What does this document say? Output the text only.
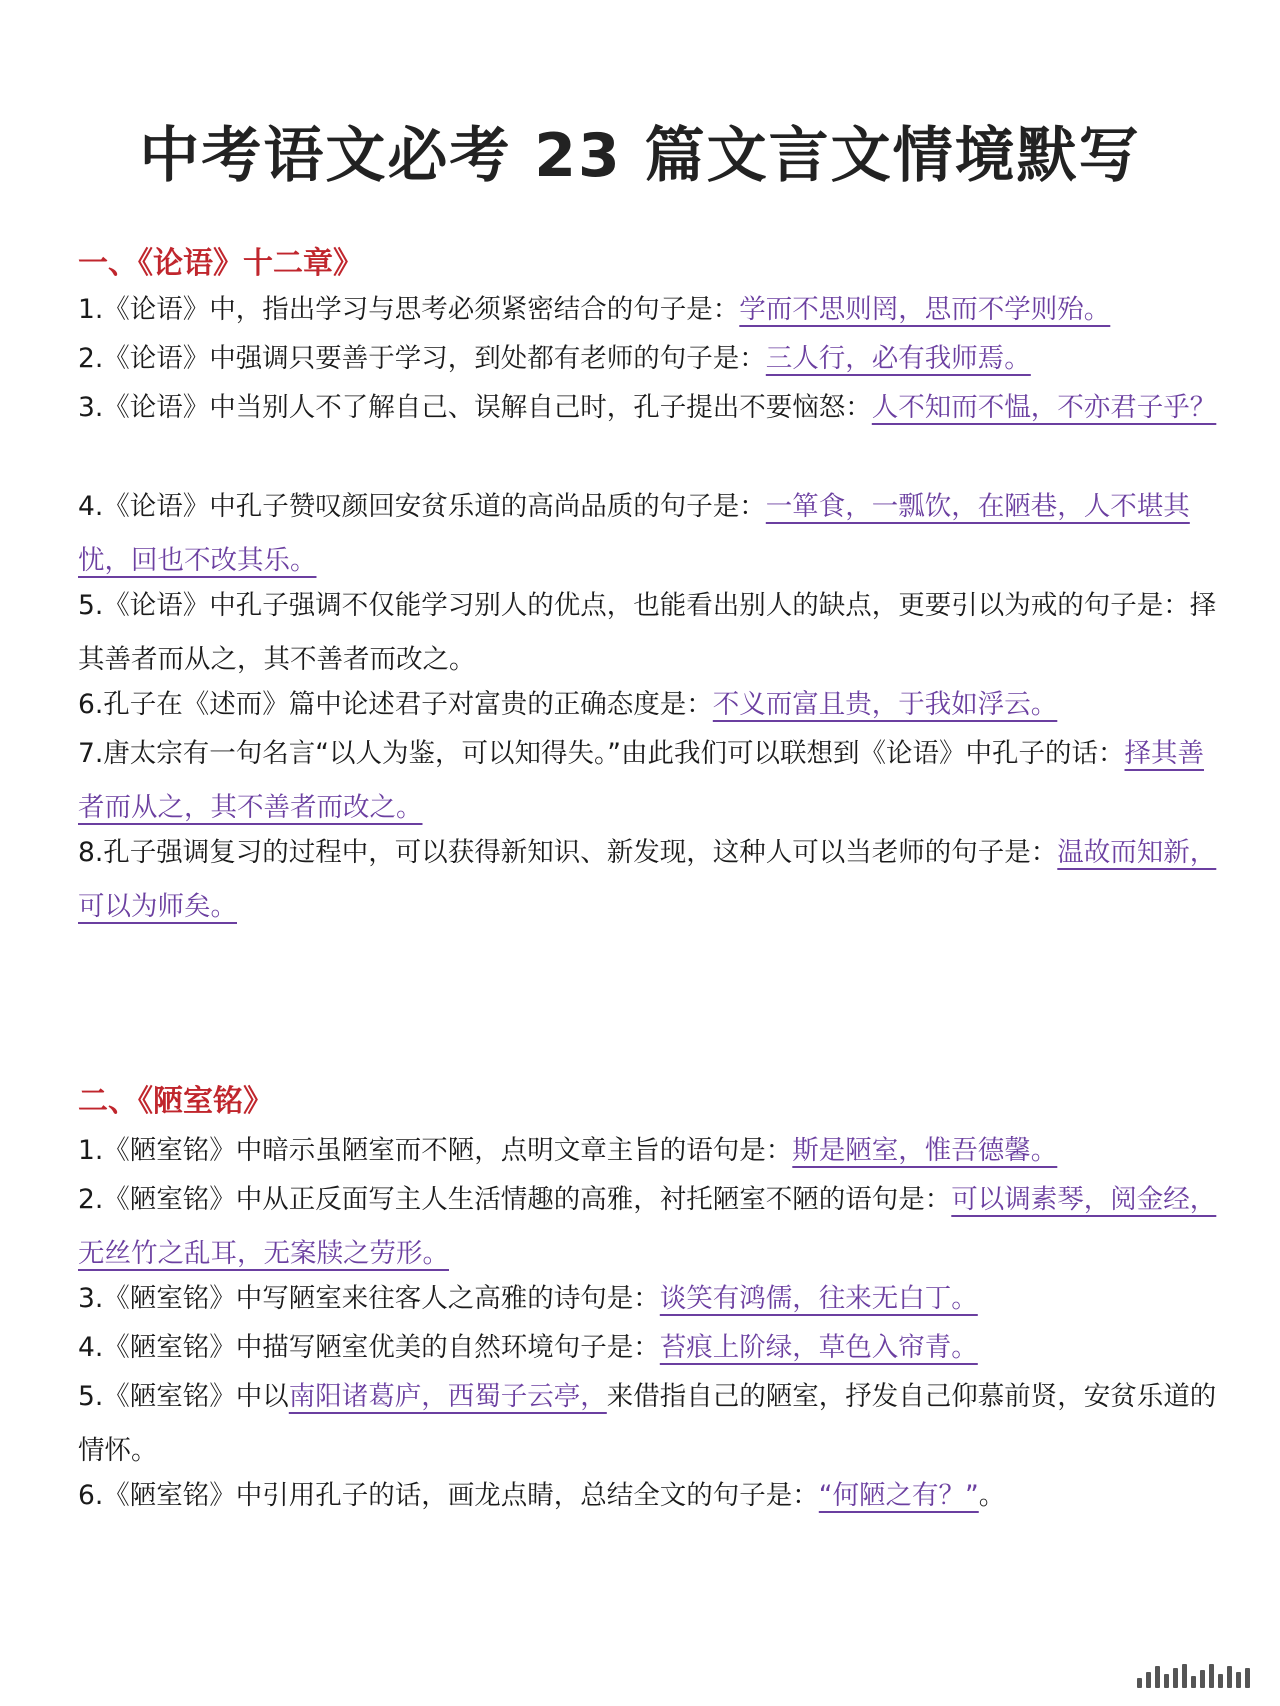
中考语文必考 23 篇文言文情境默写
一、《论语》十二章》
1.《论语》中，指出学习与思考必须紧密结合的句子是：学而不思则罔，思而不学则殆。
2.《论语》中强调只要善于学习，到处都有老师的句子是：三人行，必有我师焉。
3.《论语》中当别人不了解自己、误解自己时，孔子提出不要恼怒：人不知而不愠，不亦君子乎？
4.《论语》中孔子赞叹颜回安贫乐道的高尚品质的句子是：一箪食，一瓢饮，在陋巷，人不堪其忧，回也不改其乐。
5.《论语》中孔子强调不仅能学习别人的优点，也能看出别人的缺点，更要引以为戒的句子是：择其善者而从之，其不善者而改之。
6.孔子在《述而》篇中论述君子对富贵的正确态度是：不义而富且贵，于我如浮云。
7.唐太宗有一句名言“以人为鉴，可以知得失。”由此我们可以联想到《论语》中孔子的话：择其善者而从之，其不善者而改之。
8.孔子强调复习的过程中，可以获得新知识、新发现，这种人可以当老师的句子是：温故而知新，可以为师矣。
二、《陋室铭》
1.《陋室铭》中暗示虽陋室而不陋，点明文章主旨的语句是：斯是陋室，惟吾德馨。
2.《陋室铭》中从正反面写主人生活情趣的高雅，衬托陋室不陋的语句是：可以调素琴，阅金经，无丝竹之乱耳，无案牍之劳形。
3.《陋室铭》中写陋室来往客人之高雅的诗句是：谈笑有鸿儒，往来无白丁。
4.《陋室铭》中描写陋室优美的自然环境句子是：苔痕上阶绿，草色入帘青。
5.《陋室铭》中以南阳诸葛庐，西蜀子云亭，来借指自己的陋室，抒发自己仰慕前贤，安贫乐道的情怀。
6.《陋室铭》中引用孔子的话，画龙点睛，总结全文的句子是：“何陋之有？”。
